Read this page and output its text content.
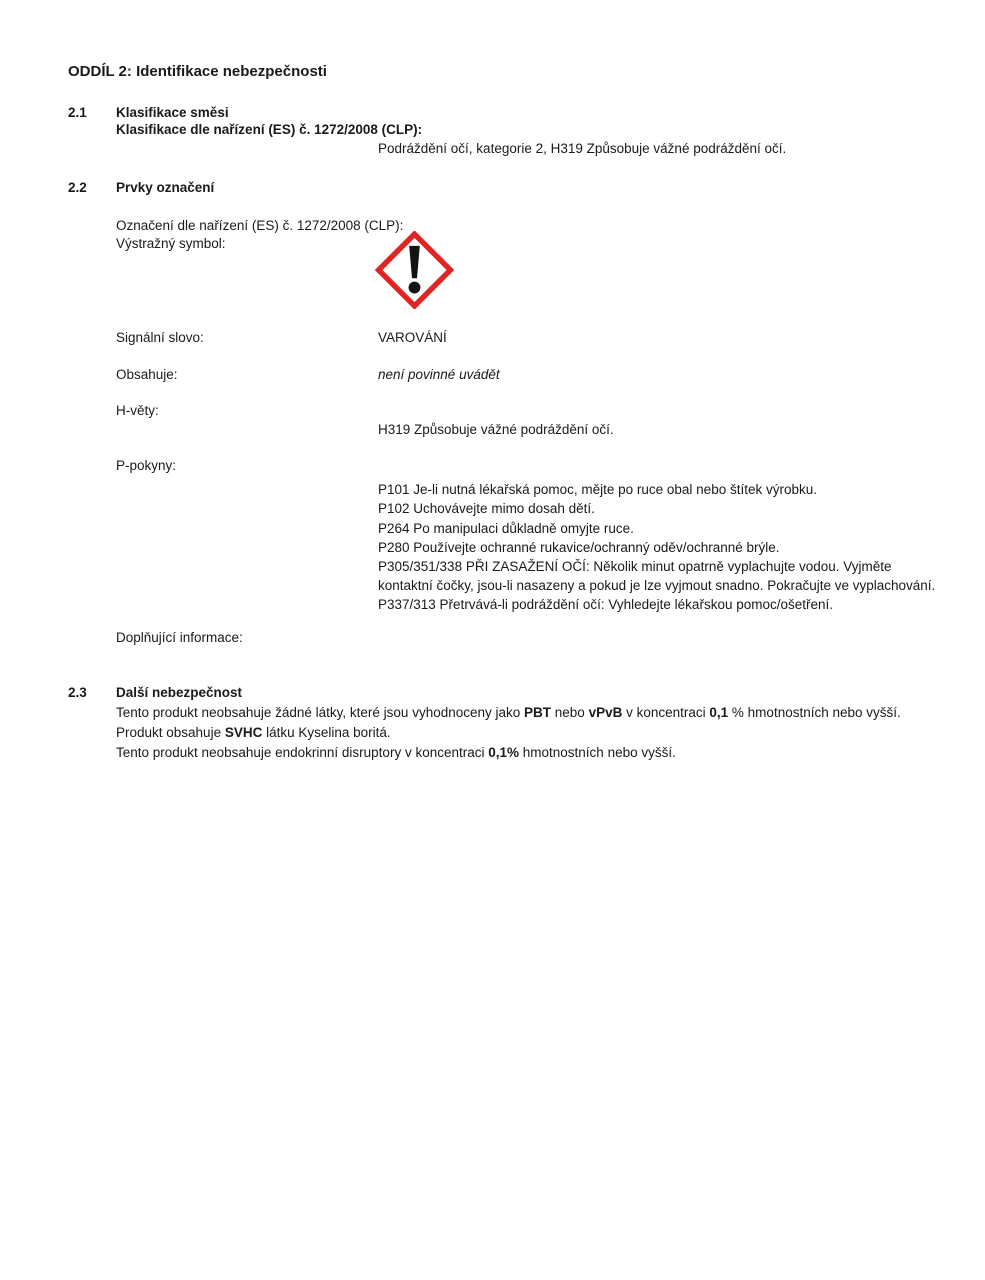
ODDÍL 2: Identifikace nebezpečnosti
2.1 Klasifikace směsi
Klasifikace dle nařízení (ES) č. 1272/2008 (CLP):
Podráždění očí, kategorie 2, H319 Způsobuje vážné podráždění očí.
2.2 Prvky označení
Označení dle nařízení (ES) č. 1272/2008 (CLP):
Výstražný symbol:
Signální slovo:	VAROVÁNÍ
Obsahuje:	není povinné uvádět
H-věty:
H319 Způsobuje vážné podráždění očí.
P-pokyny:
P101 Je-li nutná lékařská pomoc, mějte po ruce obal nebo štítek výrobku.
P102 Uchovávejte mimo dosah dětí.
P264 Po manipulaci důkladně omyjte ruce.
P280 Používejte ochranné rukavice/ochranný oděv/ochranné brýle.
P305/351/338 PŘI ZASAŽENÍ OČÍ: Několik minut opatrně vyplachujte vodou. Vyjměte
kontaktní čočky, jsou-li nasazeny a pokud je lze vyjmout snadno. Pokračujte ve vyplachování.
P337/313 Přetrvává-li podráždění očí: Vyhledejte lékařskou pomoc/ošetření.
Doplňující informace:
2.3 Další nebezpečnost
Tento produkt neobsahuje žádné látky, které jsou vyhodnoceny jako PBT nebo vPvB v koncentraci 0,1 % hmotnostních nebo vyšší.
Produkt obsahuje SVHC látku Kyselina boritá.
Tento produkt neobsahuje endokrinní disruptory v koncentraci 0,1% hmotnostních nebo vyšší.
